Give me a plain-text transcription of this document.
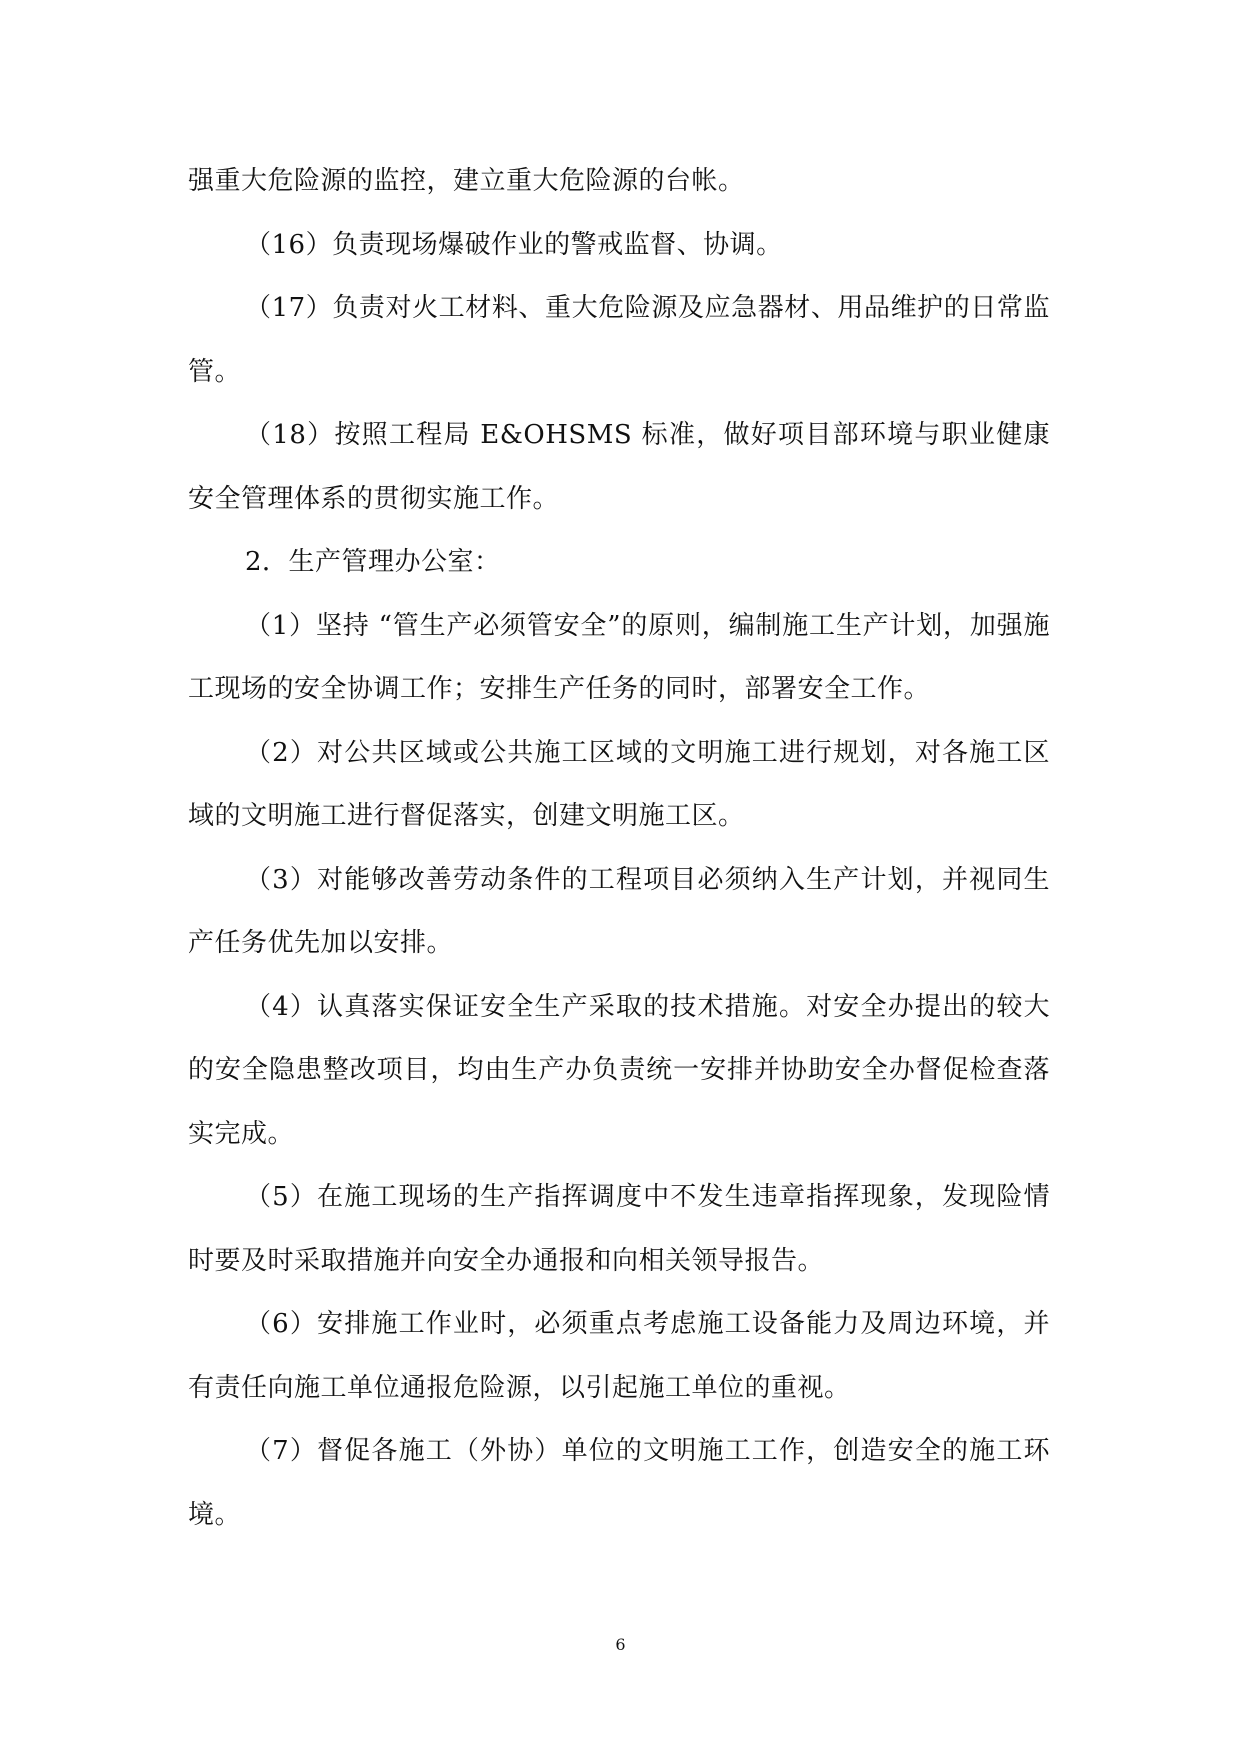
强重大危险源的监控，建立重大危险源的台帐。

（16）负责现场爆破作业的警戒监督、协调。

（17）负责对火工材料、重大危险源及应急器材、用品维护的日常监管。

（18）按照工程局 E&OHSMS 标准，做好项目部环境与职业健康安全管理体系的贯彻实施工作。

2．生产管理办公室：

（1）坚持 “管生产必须管安全”的原则，编制施工生产计划，加强施工现场的安全协调工作；安排生产任务的同时，部署安全工作。

（2）对公共区域或公共施工区域的文明施工进行规划，对各施工区域的文明施工进行督促落实，创建文明施工区。

（3）对能够改善劳动条件的工程项目必须纳入生产计划，并视同生产任务优先加以安排。

（4）认真落实保证安全生产采取的技术措施。对安全办提出的较大的安全隐患整改项目，均由生产办负责统一安排并协助安全办督促检查落实完成。

（5）在施工现场的生产指挥调度中不发生违章指挥现象，发现险情时要及时采取措施并向安全办通报和向相关领导报告。

（6）安排施工作业时，必须重点考虑施工设备能力及周边环境，并有责任向施工单位通报危险源，以引起施工单位的重视。

（7）督促各施工（外协）单位的文明施工工作，创造安全的施工环境。

6
